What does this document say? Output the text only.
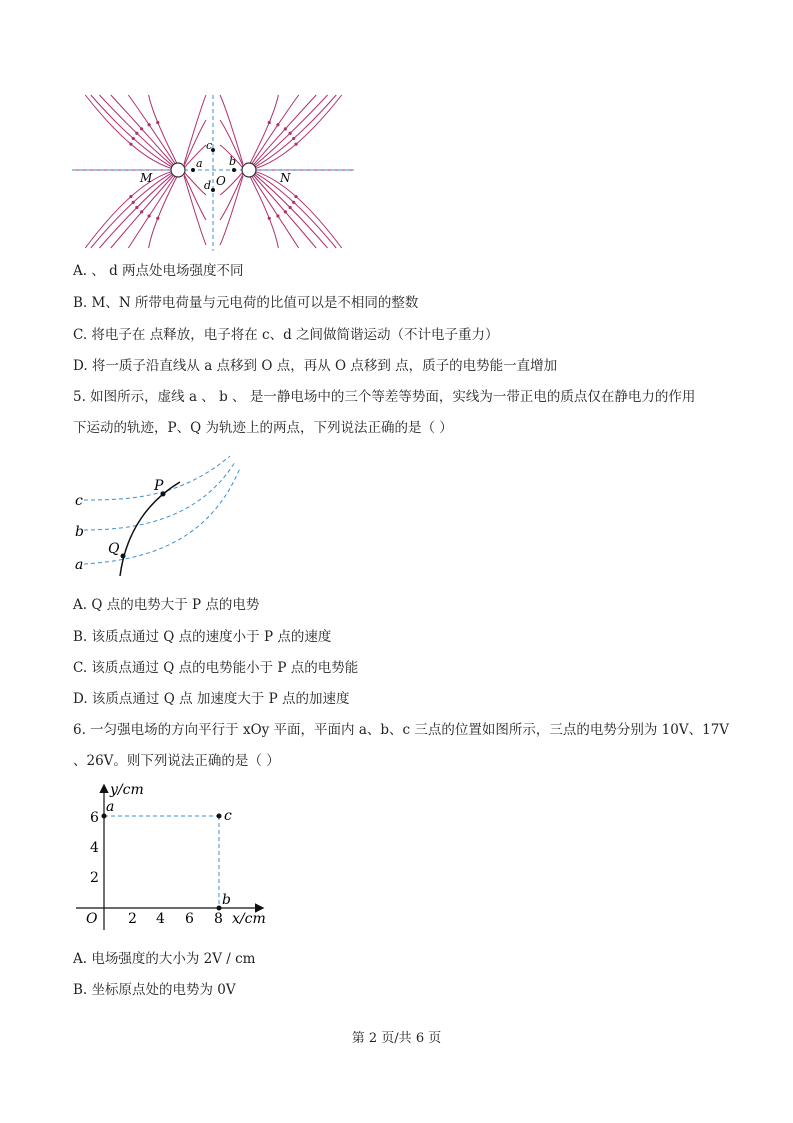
M	N
O
a b
c
d
A. 、 d 两点处电场强度不同
B. M、N 所带电荷量与元电荷的比值可以是不相同的整数
C. 将电子在 点释放，电子将在 c、d 之间做简谐运动（不计电子重力）
D. 将一质子沿直线从 a 点移到 O 点，再从 O 点移到 点，质子的电势能一直增加
5. 如图所示，虚线 a 、 b 、 是一静电场中的三个等差等势面，实线为一带正电的质点仅在静电力的作用
下运动的轨迹，P、Q 为轨迹上的两点，下列说法正确的是（ ）
c
b
a
P
Q
A. Q 点的电势大于 P 点的电势
B. 该质点通过 Q 点的速度小于 P 点的速度
C. 该质点通过 Q 点的电势能小于 P 点的电势能
D. 该质点通过 Q 点 加速度大于 P 点的加速度
6. 一匀强电场的方向平行于 xOy 平面，平面内 a、b、c 三点的位置如图所示，三点的电势分别为 10V、17V
、26V。则下列说法正确的是（ ）
y/cm
x/cm
O 2 4 6 8
2
4
6
a
c
b
A. 电场强度的大小为 2V / cm
B. 坐标原点处的电势为 0V
第 2 页/共 6 页
